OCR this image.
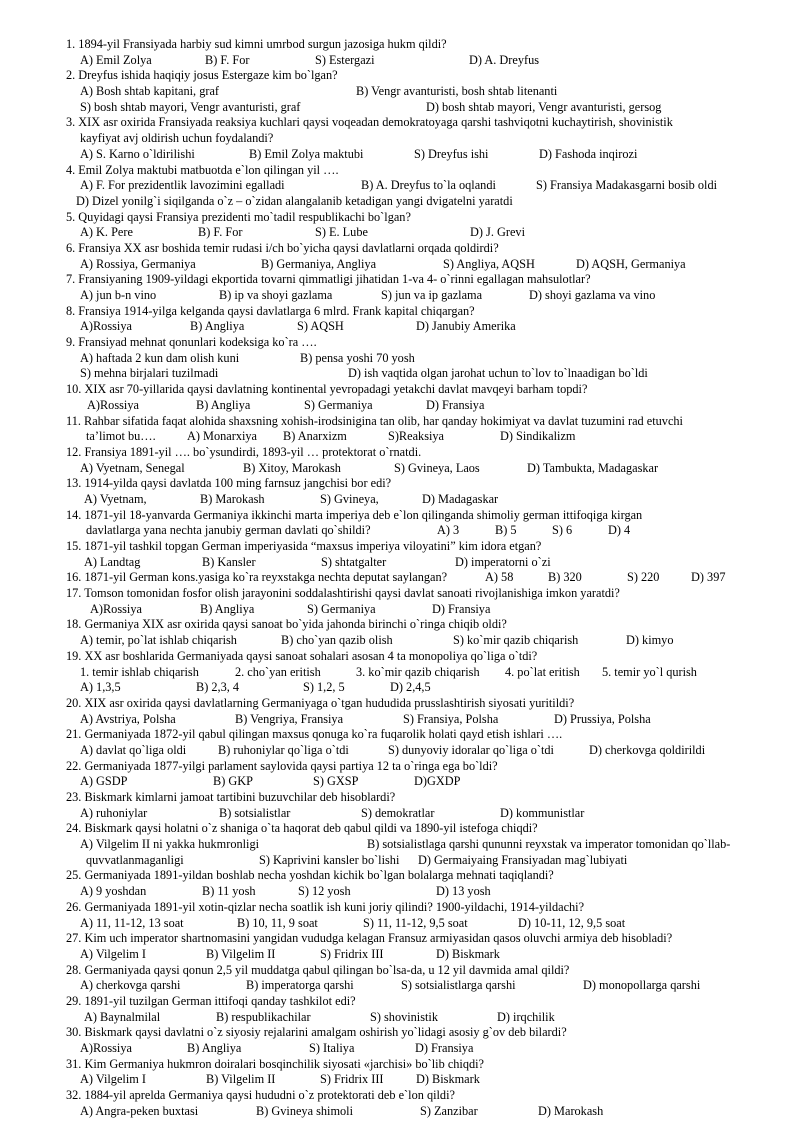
1. 1894-yil Fransiyada harbiy sud kimni umrbod surgun jazosiga hukm qildi?
A) Emil Zolya	B) F. For	S) Estergazi	D) A. Dreyfus
2. Dreyfus ishida haqiqiy josus Estergaze kim bo`lgan?
A) Bosh shtab kapitani, graf	B) Vengr avanturisti, bosh shtab litenanti
S) bosh shtab mayori, Vengr avanturisti, graf	D) bosh shtab mayori, Vengr avanturisti, gersog
3. XIX asr oxirida Fransiyada reaksiya kuchlari qaysi voqeadan demokratoyaga qarshi tashviqotni kuchaytirish, shovinistik
kayfiyat avj oldirish uchun foydalandi?
A) S. Karno o`ldirilishi	B) Emil Zolya maktubi	S) Dreyfus ishi	D) Fashoda inqirozi
4. Emil Zolya maktubi matbuotda e`lon qilingan yil ….
A) F. For prezidentlik lavozimini egalladi	B) A. Dreyfus to`la oqlandi	S) Fransiya Madakasgarni bosib oldi
D) Dizel yonilg`i siqilganda o`z – o`zidan alangalanib ketadigan yangi dvigatelni yaratdi
5. Quyidagi qaysi Fransiya prezidenti mo`tadil respublikachi bo`lgan?
A) K. Pere	B) F. For	S) E. Lube	D) J. Grevi
6. Fransiya XX asr boshida temir rudasi i/ch bo`yicha qaysi davlatlarni orqada qoldirdi?
A) Rossiya, Germaniya	B) Germaniya, Angliya	S) Angliya, AQSH	D) AQSH, Germaniya
7. Fransiyaning 1909-yildagi ekportida tovarni qimmatligi jihatidan 1-va 4- o`rinni egallagan mahsulotlar?
A) jun b-n vino	B) ip va shoyi gazlama	S) jun va ip gazlama	D) shoyi gazlama va vino
8. Fransiya 1914-yilga kelganda qaysi davlatlarga 6 mlrd. Frank kapital chiqargan?
A)Rossiya	B) Angliya	S) AQSH	D) Janubiy Amerika
9. Fransiyad mehnat qonunlari kodeksiga ko`ra ….
A) haftada 2 kun dam olish kuni	B) pensa yoshi 70 yosh
S) mehna birjalari tuzilmadi	D) ish vaqtida olgan jarohat uchun to`lov to`lnaadigan bo`ldi
10. XIX asr 70-yillarida qaysi davlatning kontinental yevropadagi yetakchi davlat mavqeyi barham topdi?
A)Rossiya	B) Angliya	S) Germaniya	D) Fransiya
11. Rahbar sifatida faqat alohida shaxsning xohish-irodsinigina tan olib, har qanday hokimiyat va davlat tuzumini rad etuvchi
ta’limot bu….	A) Monarxiya B) Anarxizm	S)Reaksiya	D) Sindikalizm
12. Fransiya 1891-yil …. bo`ysundirdi, 1893-yil … protektorat o`rnatdi.
A) Vyetnam, Senegal	B) Xitoy, Marokash	S) Gvineya, Laos	D) Tambukta, Madagaskar
13. 1914-yilda qaysi davlatda 100 ming farnsuz jangchisi bor edi?
A) Vyetnam,	B) Marokash	S) Gvineya,	D) Madagaskar
14. 1871-yil 18-yanvarda Germaniya ikkinchi marta imperiya deb e`lon qilinganda shimoliy german ittifoqiga kirgan
davlatlarga yana nechta janubiy german davlati qo`shildi?	A) 3	B) 5	S) 6	D) 4
15. 1871-yil tashkil topgan German imperiyasida “maxsus imperiya viloyatini” kim idora etgan?
A) Landtag	B) Kansler	S) shtatgalter	D) imperatorni o`zi
16. 1871-yil German kons.yasiga ko`ra reyxstakga nechta deputat saylangan?	A) 58	B) 320	S) 220	D) 397
17. Tomson tomonidan fosfor olish jarayonini soddalashtirishi qaysi davlat sanoati rivojlanishiga imkon yaratdi?
A)Rossiya	B) Angliya	S) Germaniya	D) Fransiya
18. Germaniya XIX asr oxirida qaysi sanoat bo`yida jahonda birinchi o`ringa chiqib oldi?
A) temir, po`lat ishlab chiqarish	B) cho`yan qazib olish	S) ko`mir qazib chiqarish	D) kimyo
19. XX asr boshlarida Germaniyada qaysi sanoat sohalari asosan 4 ta monopoliya qo`liga o`tdi?
1. temir ishlab chiqarish	2. cho`yan eritish	3. ko`mir qazib chiqarish 4. po`lat eritish 5. temir yo`l qurish
A) 1,3,5	B) 2,3, 4	S) 1,2, 5	D) 2,4,5
20. XIX asr oxirida qaysi davlatlarning Germaniyaga o`tgan hududida prusslashtirish siyosati yuritildi?
A) Avstriya, Polsha	B) Vengriya, Fransiya	S) Fransiya, Polsha	D) Prussiya, Polsha
21. Germaniyada 1872-yil qabul qilingan maxsus qonuga ko`ra fuqarolik holati qayd etish ishlari ….
A) davlat qo`liga oldi	B) ruhoniylar qo`liga o`tdi	S) dunyoviy idoralar qo`liga o`tdi	D) cherkovga qoldirildi
22. Germaniyada 1877-yilgi parlament saylovida qaysi partiya 12 ta o`ringa ega bo`ldi?
A) GSDP	B) GKP	S) GXSP	D)GXDP
23. Biskmark kimlarni jamoat tartibini buzuvchilar deb hisoblardi?
A) ruhoniylar	B) sotsialistlar	S) demokratlar	D) kommunistlar
24. Biskmark qaysi holatni o`z shaniga o`ta haqorat deb qabul qildi va 1890-yil istefoga chiqdi?
A) Vilgelim II ni yakka hukmronligi	B) sotsialistlaga qarshi qununni reyxstak va imperator tomonidan qo`llab-
quvvatlanmaganligi	S) Kaprivini kansler bo`lishi D) Germaiyaing Fransiyadan mag`lubiyati
25. Germaniyada 1891-yildan boshlab necha yoshdan kichik bo`lgan bolalarga mehnati taqiqlandi?
A) 9 yoshdan	B) 11 yosh	S) 12 yosh	D) 13 yosh
26. Germaniyada 1891-yil xotin-qizlar necha soatlik ish kuni joriy qilindi? 1900-yildachi, 1914-yildachi?
A) 11, 11-12, 13 soat	B) 10, 11, 9 soat	S) 11, 11-12, 9,5 soat	D) 10-11, 12, 9,5 soat
27. Kim uch imperator shartnomasini yangidan vududga kelagan Fransuz armiyasidan qasos oluvchi armiya deb hisobladi?
A) Vilgelim I	B) Vilgelim II	S) Fridrix III	D) Biskmark
28. Germaniyada qaysi qonun 2,5 yil muddatga qabul qilingan bo`lsa-da, u 12 yil davmida amal qildi?
A) cherkovga qarshi	B) imperatorga qarshi	S) sotsialistlarga qarshi	D) monopollarga qarshi
29. 1891-yil tuzilgan German ittifoqi qanday tashkilot edi?
A) Baynalmilal	B) respublikachilar	S) shovinistik	D) irqchilik
30. Biskmark qaysi davlatni o`z siyosiy rejalarini amalgam oshirish yo`lidagi asosiy g`ov deb bilardi?
A)Rossiya	B) Angliya	S) Italiya	D) Fransiya
31. Kim Germaniya hukmron doiralari bosqinchilik siyosati «jarchisi» bo`lib chiqdi?
A) Vilgelim I	B) Vilgelim II	S) Fridrix III	D) Biskmark
32. 1884-yil aprelda Germaniya qaysi hududni o`z protektorati deb e`lon qildi?
A) Angra-peken buxtasi	B) Gvineya shimoli	S) Zanzibar	D) Marokash
